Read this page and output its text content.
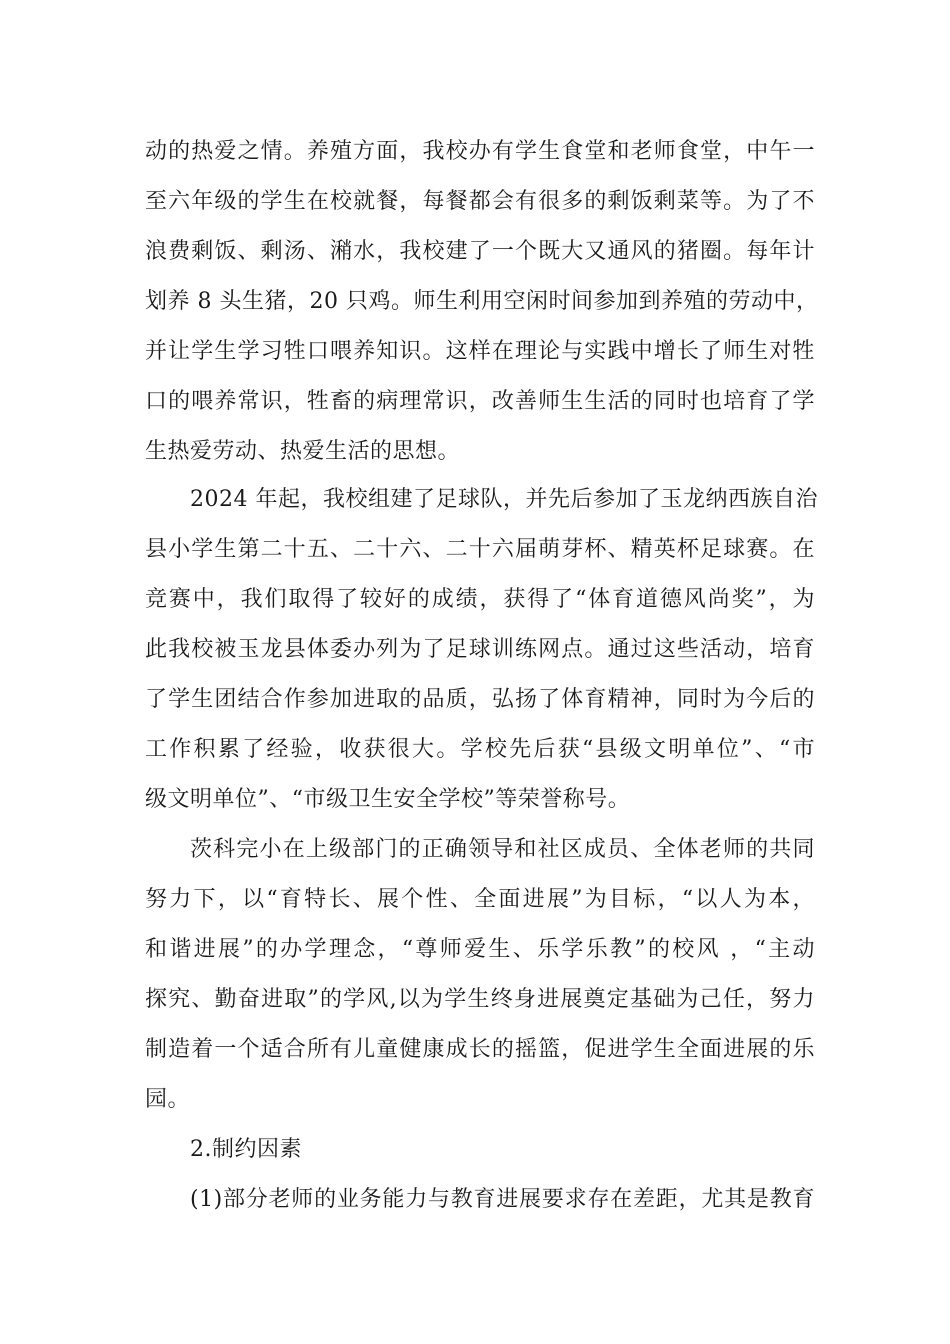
动的热爱之情。养殖方面，我校办有学生食堂和老师食堂，中午一
至六年级的学生在校就餐，每餐都会有很多的剩饭剩菜等。为了不
浪费剩饭、剩汤、潲水，我校建了一个既大又通风的猪圈。每年计
划养 8 头生猪，20 只鸡。师生利用空闲时间参加到养殖的劳动中，
并让学生学习牲口喂养知识。这样在理论与实践中增长了师生对牲
口的喂养常识，牲畜的病理常识，改善师生生活的同时也培育了学
生热爱劳动、热爱生活的思想。
2024 年起，我校组建了足球队，并先后参加了玉龙纳西族自治
县小学生第二十五、二十六、二十六届萌芽杯、精英杯足球赛。在
竞赛中，我们取得了较好的成绩，获得了“体育道德风尚奖”，为
此我校被玉龙县体委办列为了足球训练网点。通过这些活动，培育
了学生团结合作参加进取的品质，弘扬了体育精神，同时为今后的
工作积累了经验，收获很大。学校先后获“县级文明单位”、“市
级文明单位”、“市级卫生安全学校”等荣誉称号。
茨科完小在上级部门的正确领导和社区成员、全体老师的共同
努力下，以“育特长、展个性、全面进展”为目标，“以人为本，
和谐进展”的办学理念，“尊师爱生、乐学乐教”的校风 ，“主动
探究、勤奋进取”的学风,以为学生终身进展奠定基础为己任，努力
制造着一个适合所有儿童健康成长的摇篮，促进学生全面进展的乐
园。
2.制约因素
(1)部分老师的业务能力与教育进展要求存在差距，尤其是教育
